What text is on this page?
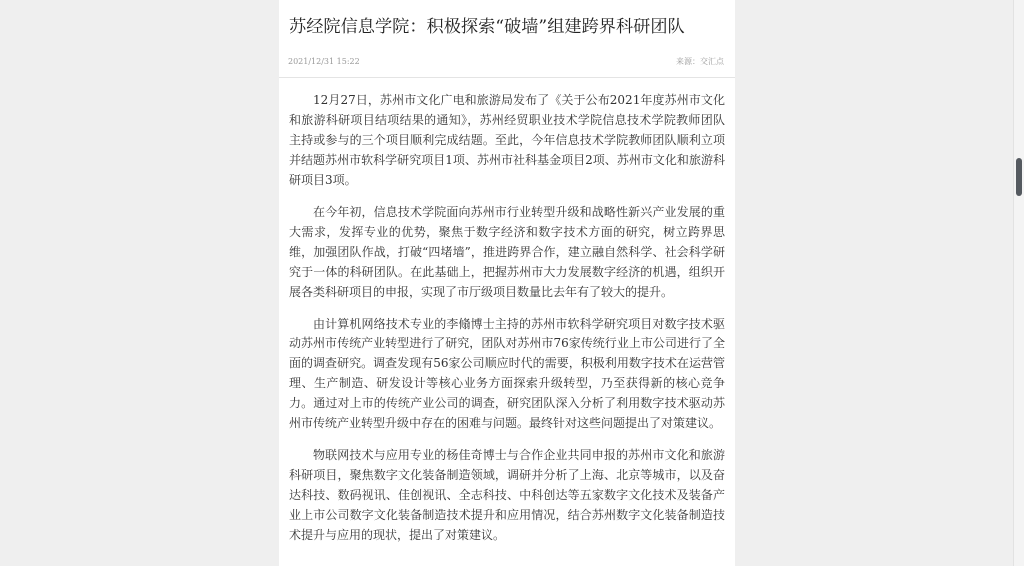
苏经院信息学院：积极探索“破墙”组建跨界科研团队
2021/12/31 15:22	来源：交汇点

12月27日，苏州市文化广电和旅游局发布了《关于公布2021年度苏州市文化和旅游科研项目结项结果的通知》，苏州经贸职业技术学院信息技术学院教师团队主持或参与的三个项目顺利完成结题。至此，今年信息技术学院教师团队顺利立项并结题苏州市软科学研究项目1项、苏州市社科基金项目2项、苏州市文化和旅游科研项目3项。

在今年初，信息技术学院面向苏州市行业转型升级和战略性新兴产业发展的重大需求，发挥专业的优势，聚焦于数字经济和数字技术方面的研究，树立跨界思维，加强团队作战，打破“四堵墙”，推进跨界合作，建立融自然科学、社会科学研究于一体的科研团队。在此基础上，把握苏州市大力发展数字经济的机遇，组织开展各类科研项目的申报，实现了市厅级项目数量比去年有了较大的提升。

由计算机网络技术专业的李翛博士主持的苏州市软科学研究项目对数字技术驱动苏州市传统产业转型进行了研究，团队对苏州市76家传统行业上市公司进行了全面的调查研究。调查发现有56家公司顺应时代的需要，积极利用数字技术在运营管理、生产制造、研发设计等核心业务方面探索升级转型，乃至获得新的核心竞争力。通过对上市的传统产业公司的调查，研究团队深入分析了利用数字技术驱动苏州市传统产业转型升级中存在的困难与问题。最终针对这些问题提出了对策建议。

物联网技术与应用专业的杨佳奇博士与合作企业共同申报的苏州市文化和旅游科研项目，聚焦数字文化装备制造领域，调研并分析了上海、北京等城市，以及奋达科技、数码视讯、佳创视讯、全志科技、中科创达等五家数字文化技术及装备产业上市公司数字文化装备制造技术提升和应用情况，结合苏州数字文化装备制造技术提升与应用的现状，提出了对策建议。
